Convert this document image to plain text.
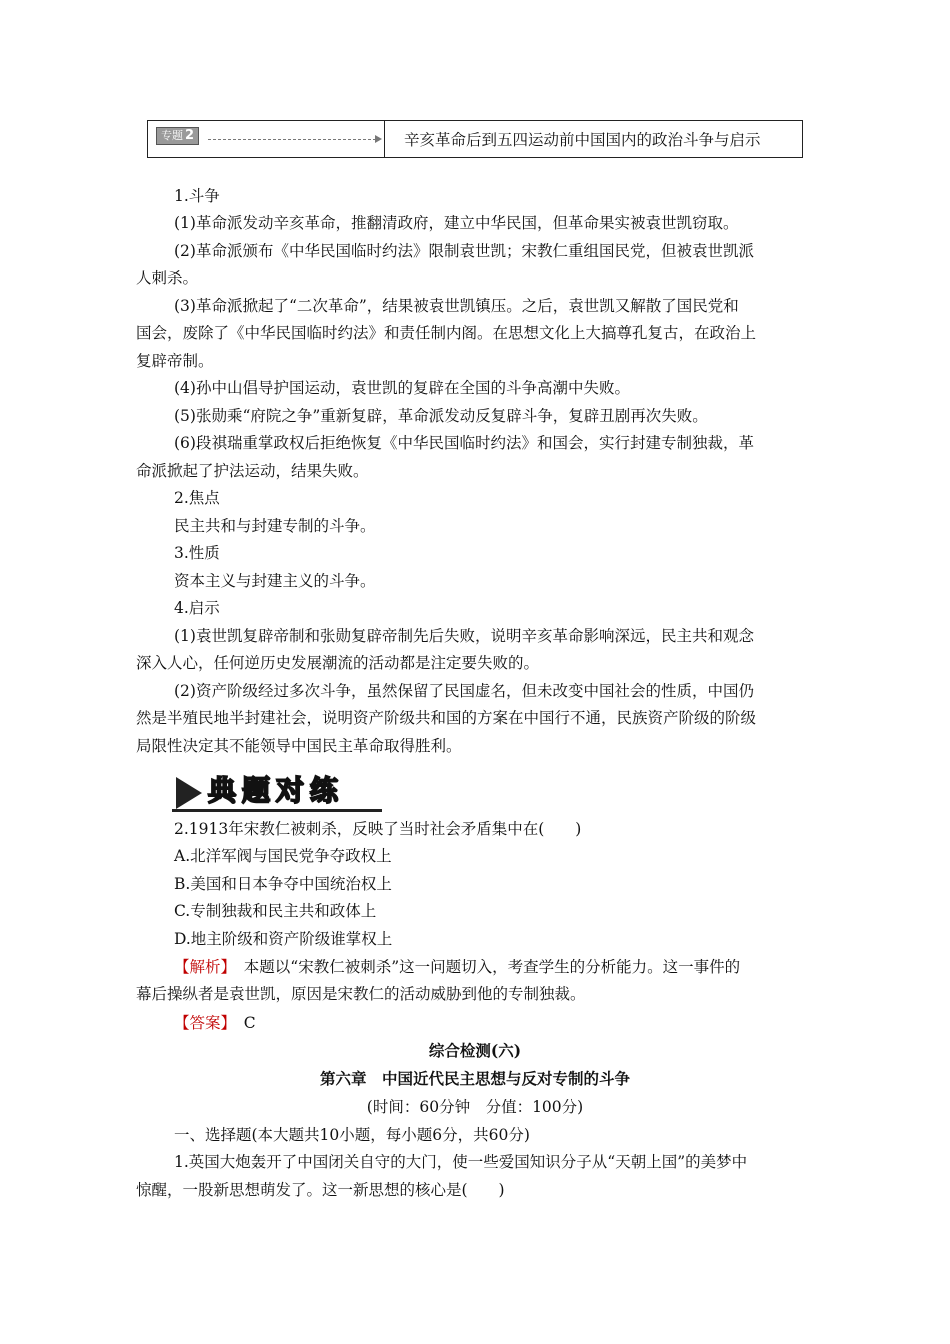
专题 2	辛亥革命后到五四运动前中国国内的政治斗争与启示
1.斗争
(1)革命派发动辛亥革命，推翻清政府，建立中华民国，但革命果实被袁世凯窃取。
(2)革命派颁布《中华民国临时约法》限制袁世凯；宋教仁重组国民党，但被袁世凯派
人刺杀。
(3)革命派掀起了“二次革命”，结果被袁世凯镇压。之后，袁世凯又解散了国民党和
国会，废除了《中华民国临时约法》和责任制内阁。在思想文化上大搞尊孔复古，在政治上
复辟帝制。
(4)孙中山倡导护国运动，袁世凯的复辟在全国的斗争高潮中失败。
(5)张勋乘“府院之争”重新复辟，革命派发动反复辟斗争，复辟丑剧再次失败。
(6)段祺瑞重掌政权后拒绝恢复《中华民国临时约法》和国会，实行封建专制独裁，革
命派掀起了护法运动，结果失败。
2.焦点
民主共和与封建专制的斗争。
3.性质
资本主义与封建主义的斗争。
4.启示
(1)袁世凯复辟帝制和张勋复辟帝制先后失败，说明辛亥革命影响深远，民主共和观念
深入人心，任何逆历史发展潮流的活动都是注定要失败的。
(2)资产阶级经过多次斗争，虽然保留了民国虚名，但未改变中国社会的性质，中国仍
然是半殖民地半封建社会，说明资产阶级共和国的方案在中国行不通，民族资产阶级的阶级
局限性决定其不能领导中国民主革命取得胜利。
典题对练
2.1913年宋教仁被刺杀，反映了当时社会矛盾集中在(　　)
A.北洋军阀与国民党争夺政权上
B.美国和日本争夺中国统治权上
C.专制独裁和民主共和政体上
D.地主阶级和资产阶级谁掌权上
【解析】　本题以“宋教仁被刺杀”这一问题切入，考查学生的分析能力。这一事件的
幕后操纵者是袁世凯，原因是宋教仁的活动威胁到他的专制独裁。
【答案】　C
综合检测(六)
第六章　中国近代民主思想与反对专制的斗争
(时间：60分钟　分值：100分)
一、选择题(本大题共10小题，每小题6分，共60分)
1.英国大炮轰开了中国闭关自守的大门，使一些爱国知识分子从“天朝上国”的美梦中
惊醒，一股新思想萌发了。这一新思想的核心是(　　)
